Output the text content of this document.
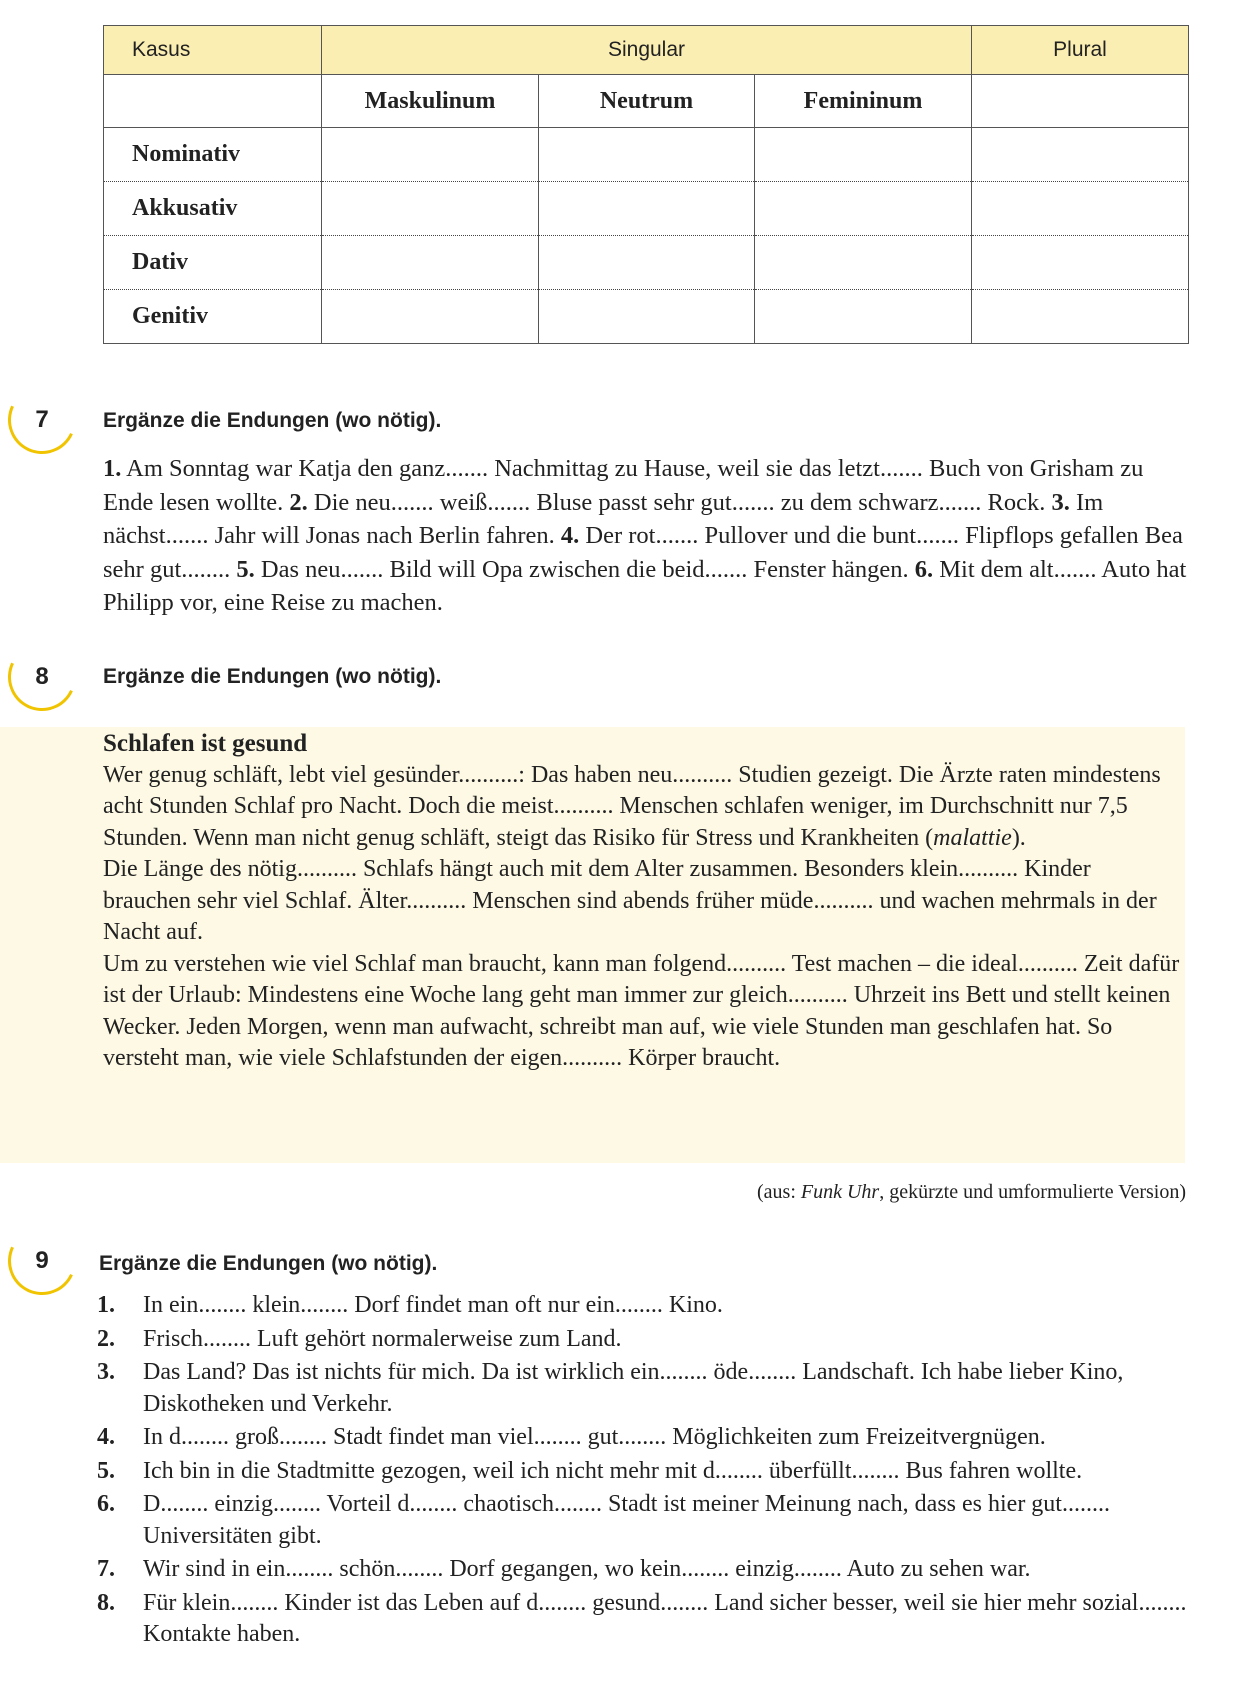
Kasus	Singular			Plural
	Maskulinum	Neutrum	Femininum	
Nominativ				
Akkusativ				
Dativ				
Genitiv				
7	Ergänze die Endungen (wo nötig).
1. Am Sonntag war Katja den ganz....... Nachmittag zu Hause, weil sie das letzt....... Buch von Grisham zu Ende lesen wollte. 2. Die neu....... weiß....... Bluse passt sehr gut....... zu dem schwarz....... Rock. 3. Im nächst....... Jahr will Jonas nach Berlin fahren. 4. Der rot....... Pullover und die bunt....... Flipflops gefallen Bea sehr gut........ 5. Das neu....... Bild will Opa zwischen die beid....... Fenster hängen. 6. Mit dem alt....... Auto hat Philipp vor, eine Reise zu machen.
8	Ergänze die Endungen (wo nötig).
Schlafen ist gesund
Wer genug schläft, lebt viel gesünder..........: Das haben neu.......... Studien gezeigt. Die Ärzte raten mindestens acht Stunden Schlaf pro Nacht. Doch die meist.......... Menschen schlafen weniger, im Durchschnitt nur 7,5 Stunden. Wenn man nicht genug schläft, steigt das Risiko für Stress und Krankheiten (malattie).
Die Länge des nötig.......... Schlafs hängt auch mit dem Alter zusammen. Besonders klein.......... Kinder brauchen sehr viel Schlaf. Älter.......... Menschen sind abends früher müde.......... und wachen mehrmals in der Nacht auf.
Um zu verstehen wie viel Schlaf man braucht, kann man folgend.......... Test machen – die ideal.......... Zeit dafür ist der Urlaub: Mindestens eine Woche lang geht man immer zur gleich.......... Uhrzeit ins Bett und stellt keinen Wecker. Jeden Morgen, wenn man aufwacht, schreibt man auf, wie viele Stunden man geschlafen hat. So versteht man, wie viele Schlafstunden der eigen.......... Körper braucht.
(aus: Funk Uhr, gekürzte und umformulierte Version)
9	Ergänze die Endungen (wo nötig).
1. In ein........ klein........ Dorf findet man oft nur ein........ Kino.
2. Frisch........ Luft gehört normalerweise zum Land.
3. Das Land? Das ist nichts für mich. Da ist wirklich ein........ öde........ Landschaft. Ich habe lieber Kino, Diskotheken und Verkehr.
4. In d........ groß........ Stadt findet man viel........ gut........ Möglichkeiten zum Freizeitvergnügen.
5. Ich bin in die Stadtmitte gezogen, weil ich nicht mehr mit d........ überfüllt........ Bus fahren wollte.
6. D........ einzig........ Vorteil d........ chaotisch........ Stadt ist meiner Meinung nach, dass es hier gut........ Universitäten gibt.
7. Wir sind in ein........ schön........ Dorf gegangen, wo kein........ einzig........ Auto zu sehen war.
8. Für klein........ Kinder ist das Leben auf d........ gesund........ Land sicher besser, weil sie hier mehr sozial........ Kontakte haben.
